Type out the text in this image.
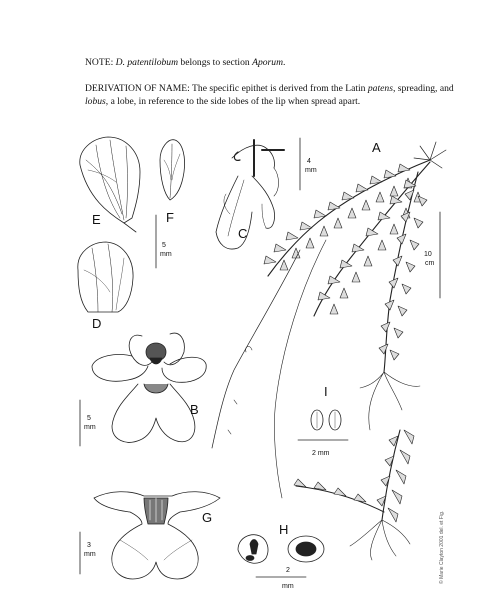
NOTE: D. patentilobum belongs to section Aporum.

DERIVATION OF NAME: The specific epithet is derived from the Latin patens, spreading, and lobus, a lobe, in reference to the side lobes of the lip when spread apart.

A
B
C
D
E	F
G
H
I
4
mm
10
cm
5
mm
5
mm
3
mm
2 mm
2
mm
© Marie Clayton 2001 del. et Fig.
